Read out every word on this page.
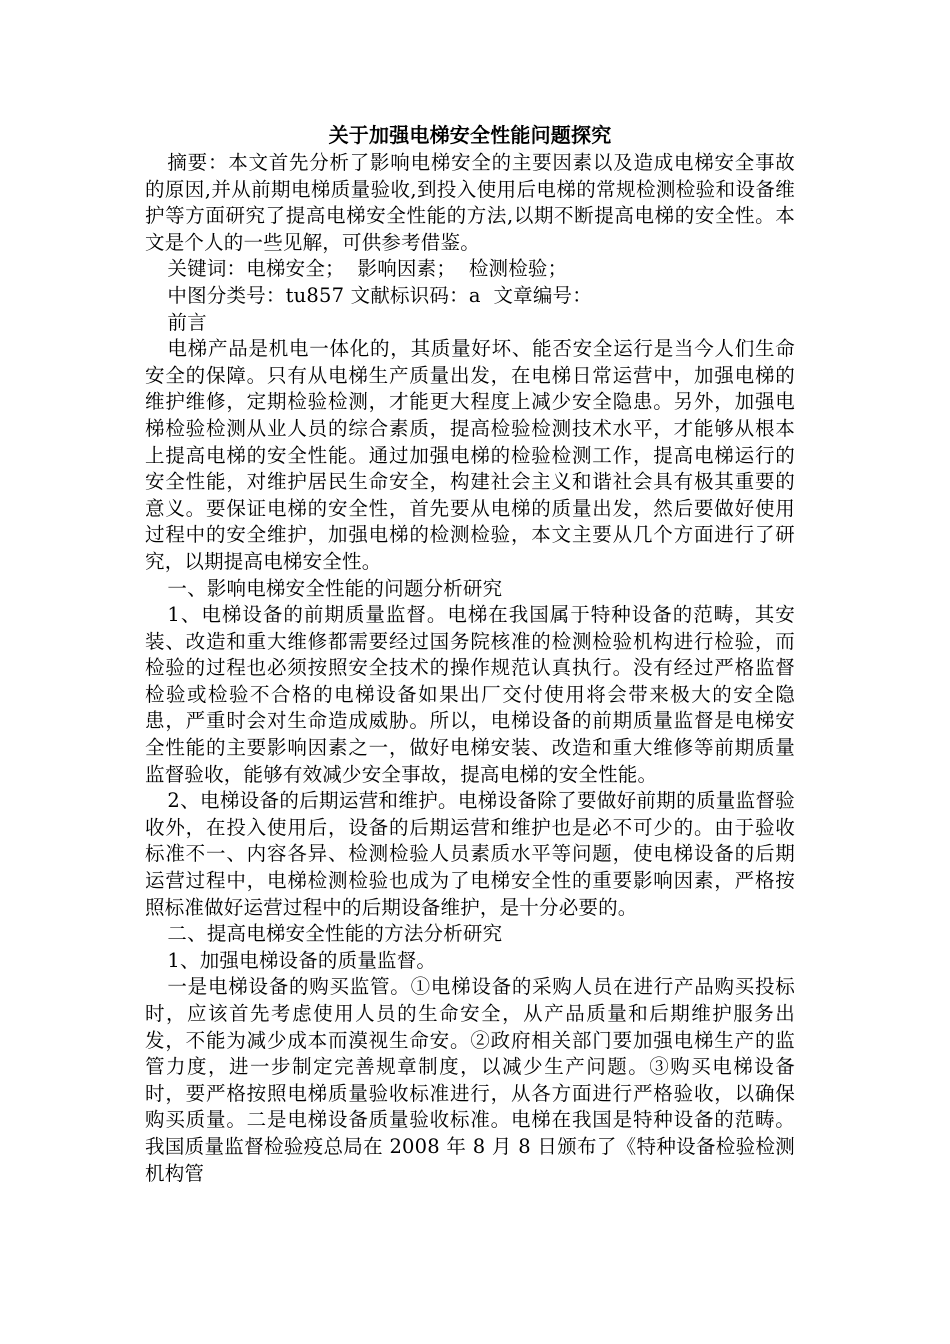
关于加强电梯安全性能问题探究

摘要：本文首先分析了影响电梯安全的主要因素以及造成电梯安全事故的原因,并从前期电梯质量验收,到投入使用后电梯的常规检测检验和设备维护等方面研究了提高电梯安全性能的方法,以期不断提高电梯的安全性。本文是个人的一些见解，可供参考借鉴。

关键词：电梯安全；  影响因素；  检测检验；

中图分类号：tu857 文献标识码：a  文章编号：

前言

电梯产品是机电一体化的，其质量好坏、能否安全运行是当今人们生命安全的保障。只有从电梯生产质量出发，在电梯日常运营中，加强电梯的维护维修，定期检验检测，才能更大程度上减少安全隐患。另外，加强电梯检验检测从业人员的综合素质，提高检验检测技术水平，才能够从根本上提高电梯的安全性能。通过加强电梯的检验检测工作，提高电梯运行的安全性能，对维护居民生命安全，构建社会主义和谐社会具有极其重要的意义。要保证电梯的安全性，首先要从电梯的质量出发，然后要做好使用过程中的安全维护，加强电梯的检测检验，本文主要从几个方面进行了研究，以期提高电梯安全性。

一、影响电梯安全性能的问题分析研究

1、电梯设备的前期质量监督。电梯在我国属于特种设备的范畴，其安装、改造和重大维修都需要经过国务院核准的检测检验机构进行检验，而检验的过程也必须按照安全技术的操作规范认真执行。没有经过严格监督检验或检验不合格的电梯设备如果出厂交付使用将会带来极大的安全隐患，严重时会对生命造成威胁。所以，电梯设备的前期质量监督是电梯安全性能的主要影响因素之一，做好电梯安装、改造和重大维修等前期质量监督验收，能够有效减少安全事故，提高电梯的安全性能。

2、电梯设备的后期运营和维护。电梯设备除了要做好前期的质量监督验收外，在投入使用后，设备的后期运营和维护也是必不可少的。由于验收标准不一、内容各异、检测检验人员素质水平等问题，使电梯设备的后期运营过程中，电梯检测检验也成为了电梯安全性的重要影响因素，严格按照标准做好运营过程中的后期设备维护，是十分必要的。

二、提高电梯安全性能的方法分析研究

1、加强电梯设备的质量监督。

一是电梯设备的购买监管。①电梯设备的采购人员在进行产品购买投标时，应该首先考虑使用人员的生命安全，从产品质量和后期维护服务出发，不能为减少成本而漠视生命安。②政府相关部门要加强电梯生产的监管力度，进一步制定完善规章制度，以减少生产问题。③购买电梯设备时，要严格按照电梯质量验收标准进行，从各方面进行严格验收，以确保购买质量。二是电梯设备质量验收标准。电梯在我国是特种设备的范畴。我国质量监督检验疫总局在 2008 年 8 月 8 日颁布了《特种设备检验检测机构管
